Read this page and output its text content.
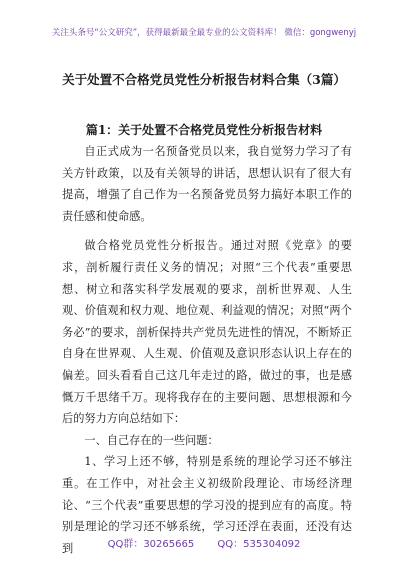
关注头条号“公文研究”，获得最新最全最专业的公文资料库！ 微信：gongwenyj
关于处置不合格党员党性分析报告材料合集（3篇）
篇1：关于处置不合格党员党性分析报告材料

自正式成为一名预备党员以来，我自觉努力学习了有关方针政策，以及有关领导的讲话，思想认识有了很大有提高，增强了自己作为一名预备党员努力搞好本职工作的责任感和使命感。

做合格党员党性分析报告。通过对照《党章》的要求，剖析履行责任义务的情况；对照“三个代表”重要思想、树立和落实科学发展观的要求，剖析世界观、人生观、价值观和权力观、地位观、利益观的情况；对照“两个务必”的要求，剖析保持共产党员先进性的情况，不断矫正自身在世界观、人生观、价值观及意识形态认识上存在的偏差。回头看看自己这几年走过的路，做过的事，也是感慨万千思绪千万。现将我存在的主要问题、思想根源和今后的努力方向总结如下：

一、自己存在的一些问题：

1、学习上还不够，特别是系统的理论学习还不够注重。在工作中，对社会主义初级阶段理论、市场经济理论、“三个代表”重要思想的学习没的提到应有的高度。特别是理论的学习还不够系统，学习还浮在表面，还没有达到	QQ群：30265665 QQ：535304092
